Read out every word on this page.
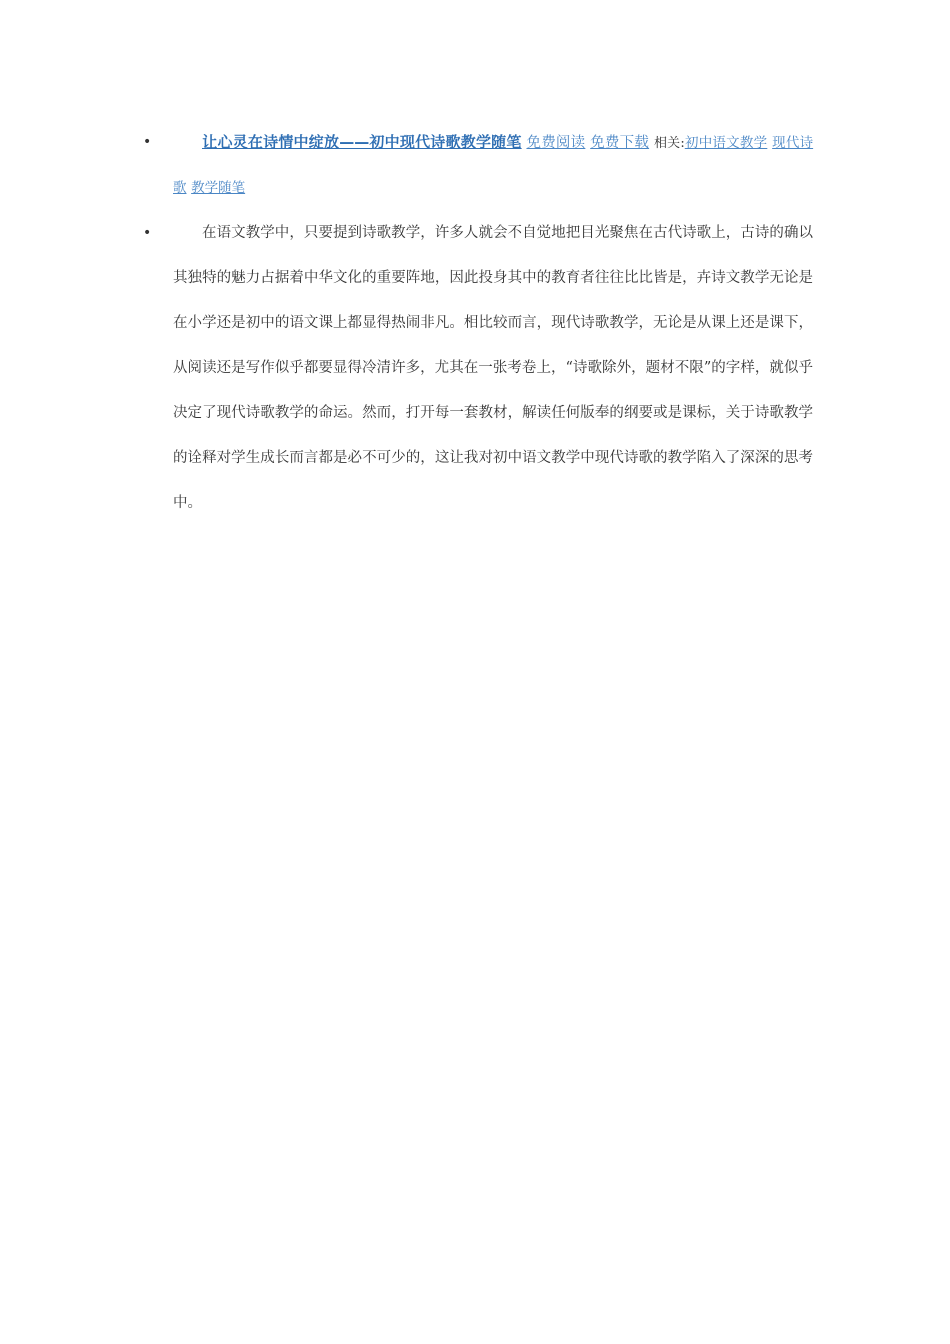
•	让心灵在诗情中绽放——初中现代诗歌教学随笔 免费阅读 免费下载 相关:初中语文教学 现代诗歌 教学随笔
•	在语文教学中，只要提到诗歌教学，许多人就会不自觉地把目光聚焦在古代诗歌上，古诗的确以其独特的魅力占据着中华文化的重要阵地，因此投身其中的教育者往往比比皆是，卉诗文教学无论是在小学还是初中的语文课上都显得热闹非凡。相比较而言，现代诗歌教学，无论是从课上还是课下，从阅读还是写作似乎都要显得冷清许多，尤其在一张考卷上，“诗歌除外，题材不限”的字样，就似乎决定了现代诗歌教学的命运。然而，打开每一套教材，解读任何版奉的纲要或是课标，关于诗歌教学的诠释对学生成长而言都是必不可少的，这让我对初中语文教学中现代诗歌的教学陷入了深深的思考中。
